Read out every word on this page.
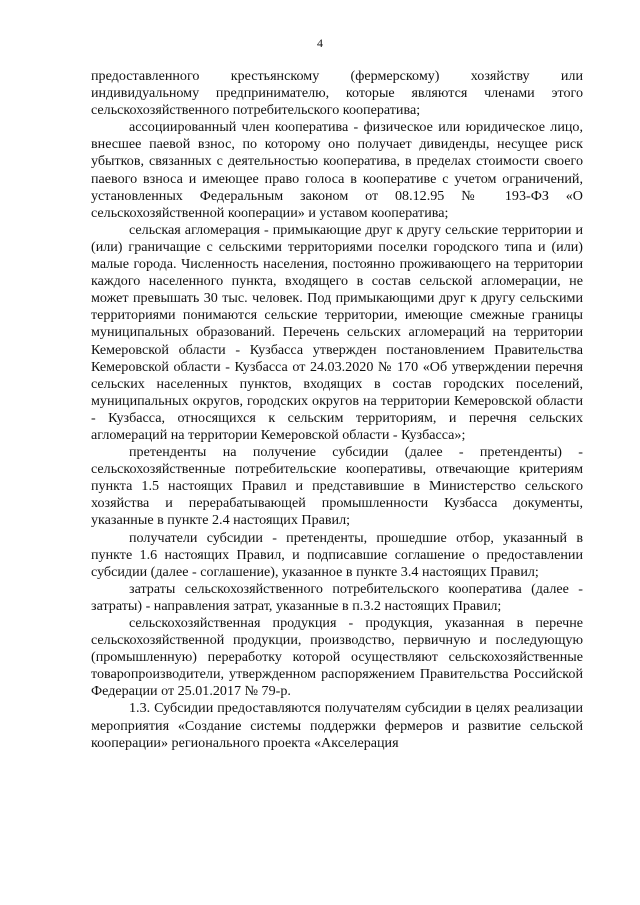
4

предоставленного крестьянскому (фермерскому) хозяйству или индивидуальному предпринимателю, которые являются членами этого сельскохозяйственного потребительского кооператива;

ассоциированный член кооператива - физическое или юридическое лицо, внесшее паевой взнос, по которому оно получает дивиденды, несущее риск убытков, связанных с деятельностью кооператива, в пределах стоимости своего паевого взноса и имеющее право голоса в кооперативе с учетом ограничений, установленных Федеральным законом от 08.12.95 № 193-ФЗ «О сельскохозяйственной кооперации» и уставом кооператива;

сельская агломерация - примыкающие друг к другу сельские территории и (или) граничащие с сельскими территориями поселки городского типа и (или) малые города. Численность населения, постоянно проживающего на территории каждого населенного пункта, входящего в состав сельской агломерации, не может превышать 30 тыс. человек. Под примыкающими друг к другу сельскими территориями понимаются сельские территории, имеющие смежные границы муниципальных образований. Перечень сельских агломераций на территории Кемеровской области - Кузбасса утвержден постановлением Правительства Кемеровской области - Кузбасса от 24.03.2020 № 170 «Об утверждении перечня сельских населенных пунктов, входящих в состав городских поселений, муниципальных округов, городских округов на территории Кемеровской области - Кузбасса, относящихся к сельским территориям, и перечня сельских агломераций на территории Кемеровской области - Кузбасса»;

претенденты на получение субсидии (далее - претенденты) - сельскохозяйственные потребительские кооперативы, отвечающие критериям пункта 1.5 настоящих Правил и представившие в Министерство сельского хозяйства и перерабатывающей промышленности Кузбасса документы, указанные в пункте 2.4 настоящих Правил;

получатели субсидии - претенденты, прошедшие отбор, указанный в пункте 1.6 настоящих Правил, и подписавшие соглашение о предоставлении субсидии (далее - соглашение), указанное в пункте 3.4 настоящих Правил;

затраты сельскохозяйственного потребительского кооператива (далее - затраты) - направления затрат, указанные в п.3.2 настоящих Правил;

сельскохозяйственная продукция - продукция, указанная в перечне сельскохозяйственной продукции, производство, первичную и последующую (промышленную) переработку которой осуществляют сельскохозяйственные товаропроизводители, утвержденном распоряжением Правительства Российской Федерации от 25.01.2017 № 79-р.

1.3. Субсидии предоставляются получателям субсидии в целях реализации мероприятия «Создание системы поддержки фермеров и развитие сельской кооперации» регионального проекта «Акселерация
